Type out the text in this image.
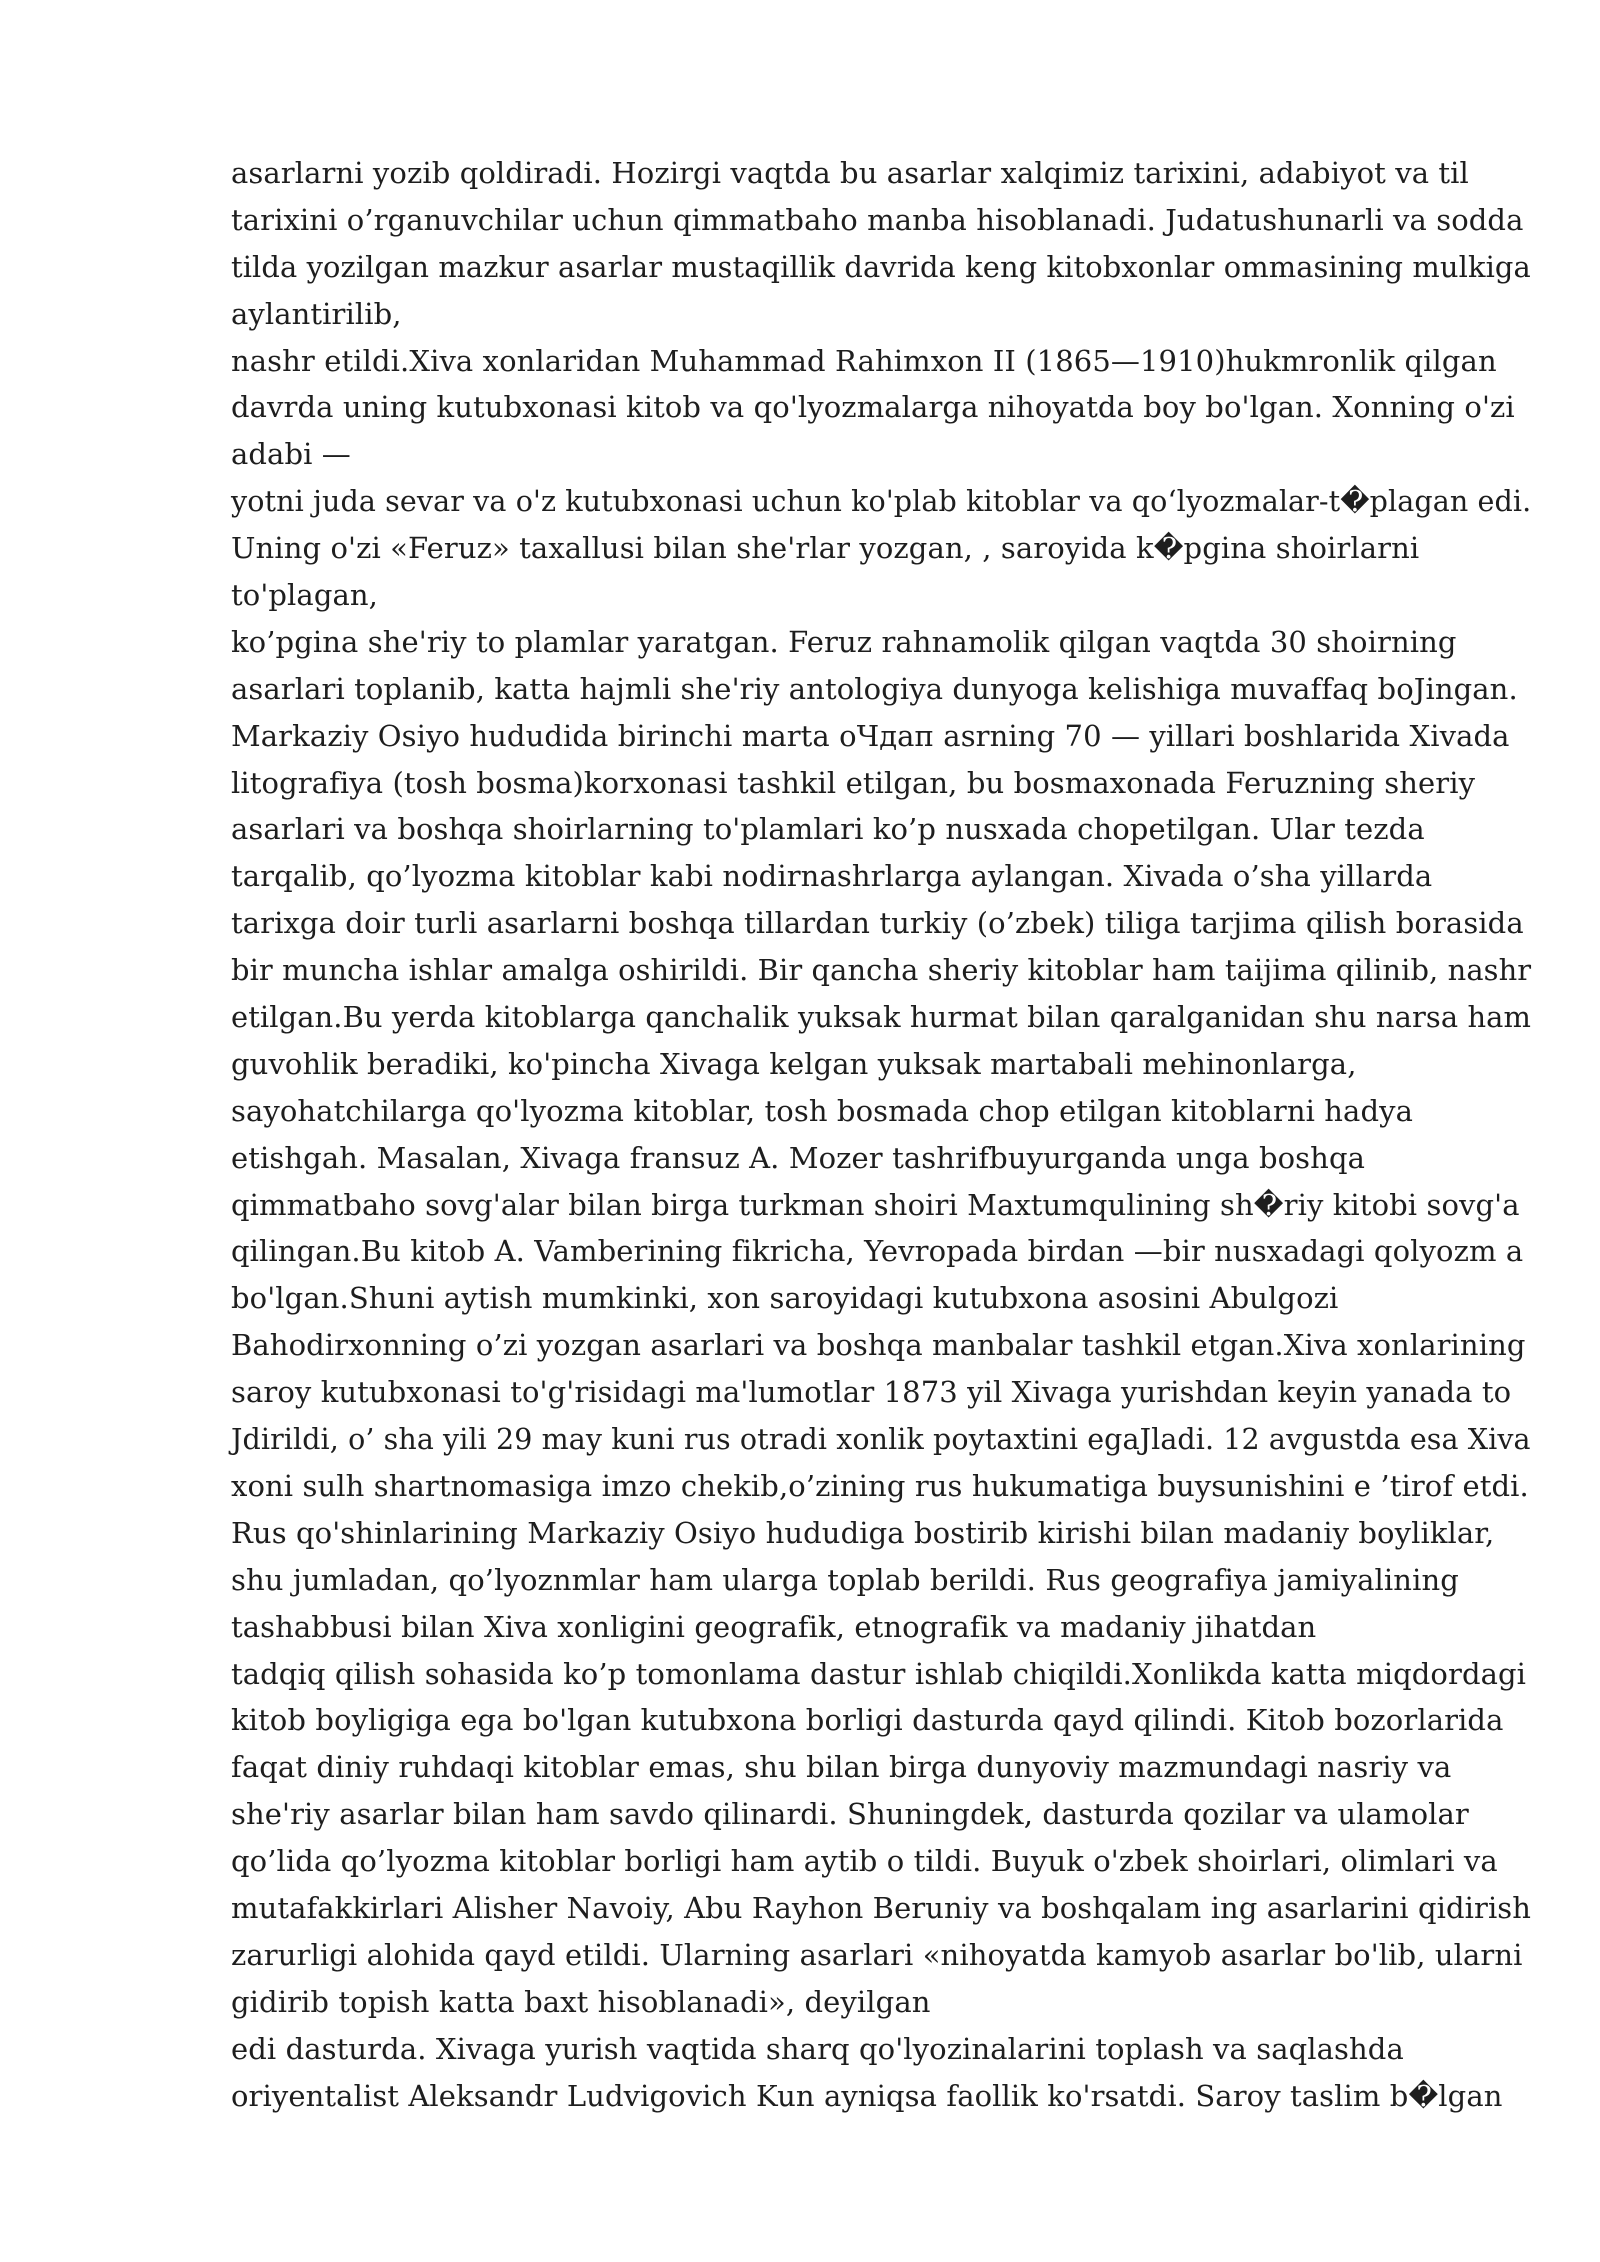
asarlarni yozib qoldiradi. Hozirgi vaqtda bu asarlar xalqimiz tarixini, adabiyot va til
tarixini o’rganuvchilar uchun qimmatbaho manba hisoblanadi. Judatushunarli va sodda
tilda yozilgan mazkur asarlar mustaqillik davrida keng kitobxonlar ommasining mulkiga
aylantirilib,
nashr etildi.Xiva xonlaridan Muhammad Rahimxon II (1865—1910)hukmronlik qilgan
davrda uning kutubxonasi kitob va qo'lyozmalarga nihoyatda boy bo'lgan. Xonning o'zi
adabi —
yotni juda sevar va o'z kutubxonasi uchun ko'plab kitoblar va qo‘lyozmalar-t�plagan edi.
Uning o'zi «Feruz» taxallusi bilan she'rlar yozgan, , saroyida k�pgina shoirlarni
to'plagan,
ko’pgina she'riy to plamlar yaratgan. Feruz rahnamolik qilgan vaqtda 30 shoirning
asarlari toplanib, katta hajmli she'riy antologiya dunyoga kelishiga muvaffaq boJingan.
Markaziy Osiyo hududida birinchi marta оЧдап asrning 70 — yillari boshlarida Xivada
litografiya (tosh bosma)korxonasi tashkil etilgan, bu bosmaxonada Feruzning sheriy
asarlari va boshqa shoirlarning to'plamlari ko’p nusxada chopetilgan. Ular tezda
tarqalib, qo’lyozma kitoblar kabi nodirnashrlarga aylangan. Xivada o’sha yillarda
tarixga doir turli asarlarni boshqa tillardan turkiy (o’zbek) tiliga tarjima qilish borasida
bir muncha ishlar amalga oshirildi. Bir qancha sheriy kitoblar ham taijima qilinib, nashr
etilgan.Bu yerda kitoblarga qanchalik yuksak hurmat bilan qaralganidan shu narsa ham
guvohlik beradiki, ko'pincha Xivaga kelgan yuksak martabali mehinonlarga,
sayohatchilarga qo'lyozma kitoblar, tosh bosmada chop etilgan kitoblarni hadya
etishgah. Masalan, Xivaga fransuz A. Mozer tashrifbuyurganda unga boshqa
qimmatbaho sovg'alar bilan birga turkman shoiri Maxtumqulining sh�riy kitobi sovg'a
qilingan.Bu kitob A. Vamberining fikricha, Yevropada birdan —bir nusxadagi qolyozm a
bo'lgan.Shuni aytish mumkinki, xon saroyidagi kutubxona asosini Abulgozi
Bahodirxonning o’zi yozgan asarlari va boshqa manbalar tashkil etgan.Xiva xonlarining
saroy kutubxonasi to'g'risidagi ma'lumotlar 1873 yil Xivaga yurishdan keyin yanada to
Jdirildi, o’ sha yili 29 may kuni rus otradi xonlik poytaxtini egaJladi. 12 avgustda esa Xiva
xoni sulh shartnomasiga imzo chekib,o’zining rus hukumatiga buysunishini e ’tirof etdi.
Rus qo'shinlarining Markaziy Osiyo hududiga bostirib kirishi bilan madaniy boyliklar,
shu jumladan, qo’lyoznmlar ham ularga toplab berildi. Rus geografiya jamiyalining
tashabbusi bilan Xiva xonligini geografik, etnografik va madaniy jihatdan
tadqiq qilish sohasida ko’p tomonlama dastur ishlab chiqildi.Xonlikda katta miqdordagi
kitob boyligiga ega bo'lgan kutubxona borligi dasturda qayd qilindi. Kitob bozorlarida
faqat diniy ruhdaqi kitoblar emas, shu bilan birga dunyoviy mazmundagi nasriy va
she'riy asarlar bilan ham savdo qilinardi. Shuningdek, dasturda qozilar va ulamolar
qo’lida qo’lyozma kitoblar borligi ham aytib o tildi. Buyuk o'zbek shoirlari, olimlari va
mutafakkirlari Alisher Navoiy, Abu Rayhon Beruniy va boshqalam ing asarlarini qidirish
zarurligi alohida qayd etildi. Ularning asarlari «nihoyatda kamyob asarlar bo'lib, ularni
gidirib topish katta baxt hisoblanadi», deyilgan
edi dasturda. Xivaga yurish vaqtida sharq qo'lyozinalarini toplash va saqlashda
oriyentalist Aleksandr Ludvigovich Kun ayniqsa faollik ko'rsatdi. Saroy taslim b�lgan
